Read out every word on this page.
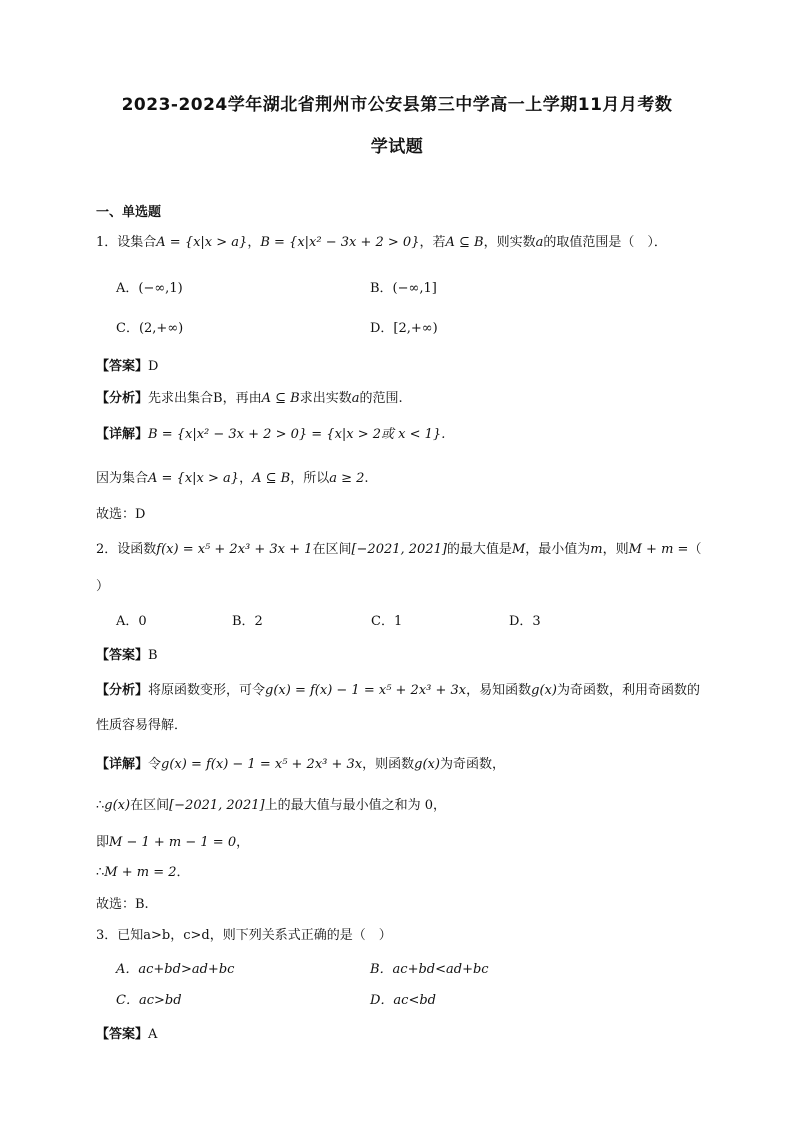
2023-2024学年湖北省荆州市公安县第三中学高一上学期11月月考数
学试题
一、单选题
1．设集合A = {x|x > a}，B = {x|x² − 3x + 2 > 0}，若A ⊆ B，则实数a的取值范围是（　）．
A．(−∞,1)	B．(−∞,1]
C．(2,+∞)	D．[2,+∞)
【答案】D
【分析】先求出集合B，再由A ⊆ B求出实数a的范围.
【详解】B = {x|x² − 3x + 2 > 0} = {x|x > 2或 x < 1}.
因为集合A = {x|x > a}，A ⊆ B，所以a ≥ 2.
故选：D
2．设函数f(x) = x⁵ + 2x³ + 3x + 1在区间[−2021, 2021]的最大值是M，最小值为m，则M + m =（
）
A．0	B．2	C．1	D．3
【答案】B
【分析】将原函数变形，可令g(x) = f(x) − 1 = x⁵ + 2x³ + 3x，易知函数g(x)为奇函数，利用奇函数的
性质容易得解．
【详解】令g(x) = f(x) − 1 = x⁵ + 2x³ + 3x，则函数g(x)为奇函数，
∴g(x)在区间[−2021, 2021]上的最大值与最小值之和为 0，
即M − 1 + m − 1 = 0，
∴M + m = 2．
故选：B.
3．已知a>b，c>d，则下列关系式正确的是（　）
A．ac+bd>ad+bc	B．ac+bd<ad+bc
C．ac>bd	D．ac<bd
【答案】A
